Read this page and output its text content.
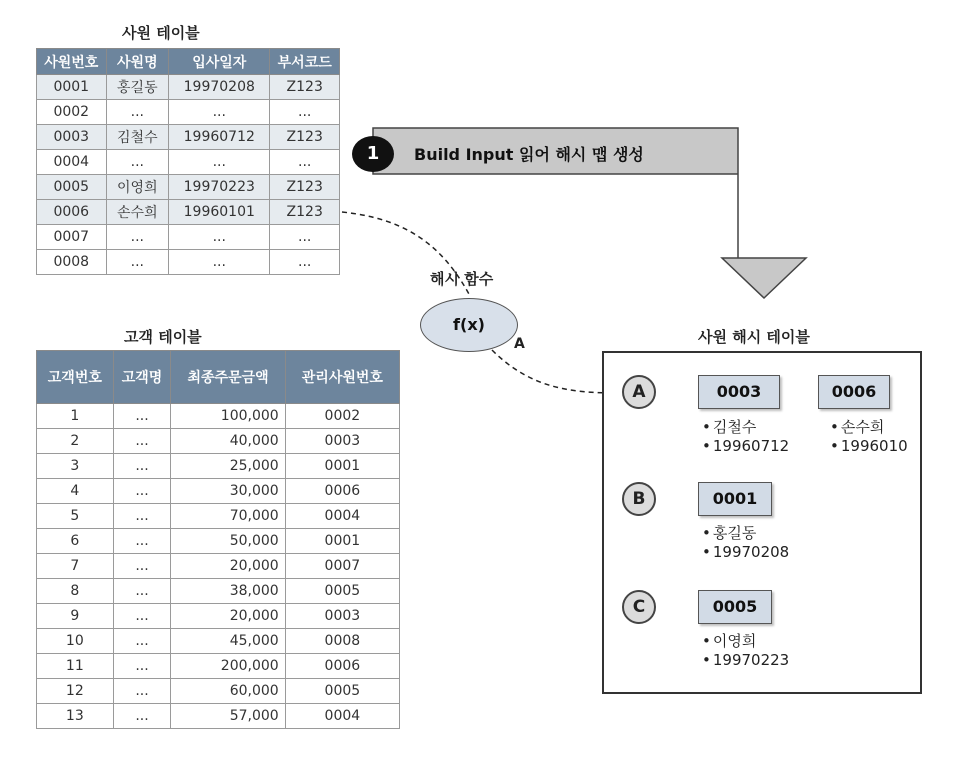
사원 테이블
사원번호	사원명	입사일자	부서코드
0001	홍길동	19970208	Z123
0002	...	...	...
0003	김철수	19960712	Z123
0004	...	...	...
0005	이영희	19970223	Z123
0006	손수희	19960101	Z123
0007	...	...	...
0008	...	...	...
고객 테이블
고객번호	고객명	최종주문금액	관리사원번호
1	...	100,000	0002
2	...	40,000	0003
3	...	25,000	0001
4	...	30,000	0006
5	...	70,000	0004
6	...	50,000	0001
7	...	20,000	0007
8	...	38,000	0005
9	...	20,000	0003
10	...	45,000	0008
11	...	200,000	0006
12	...	60,000	0005
13	...	57,000	0004
1	Build Input 읽어 해시 맵 생성
해시 함수
f(x)
A	사원 해시 테이블
A	0003
• 김철수
• 19960712
0006
• 손수희
• 1996010
B	0001
• 홍길동
• 19970208
C	0005
• 이영희
• 19970223
